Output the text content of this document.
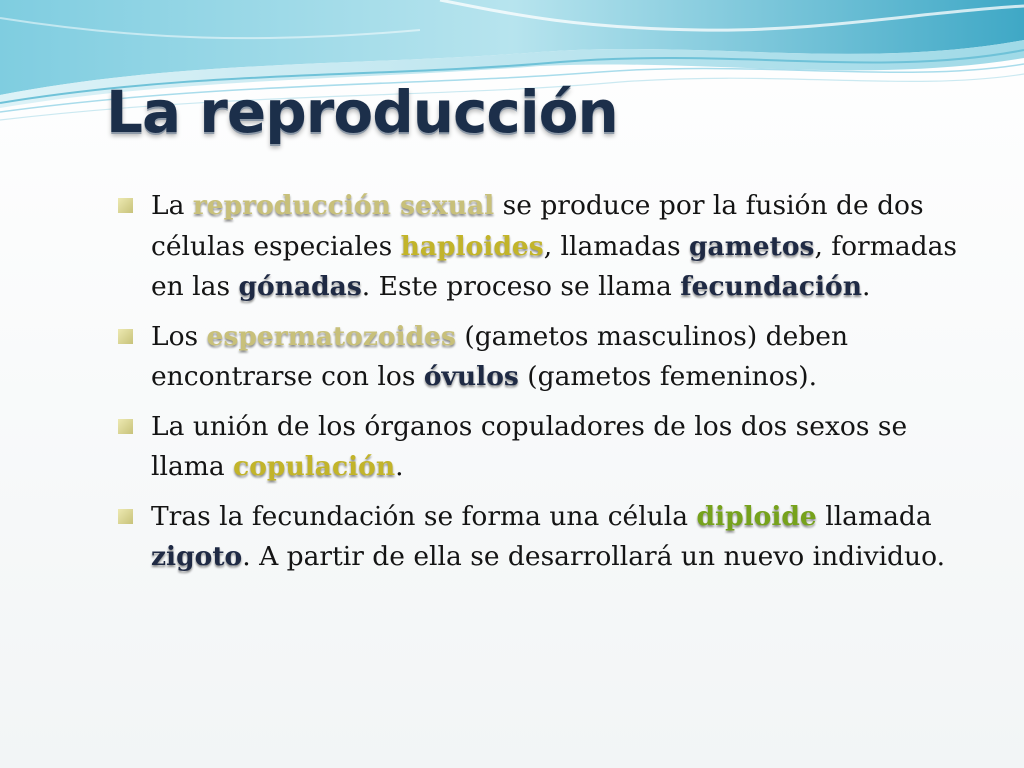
La reproducción
La reproducción sexual se produce por la fusión de dos células especiales haploides, llamadas gametos, formadas en las gónadas. Este proceso se llama fecundación.
Los espermatozoides (gametos masculinos) deben encontrarse con los óvulos (gametos femeninos).
La unión de los órganos copuladores de los dos sexos se llama copulación.
Tras la fecundación se forma una célula diploide llamada zigoto. A partir de ella se desarrollará un nuevo individuo.
